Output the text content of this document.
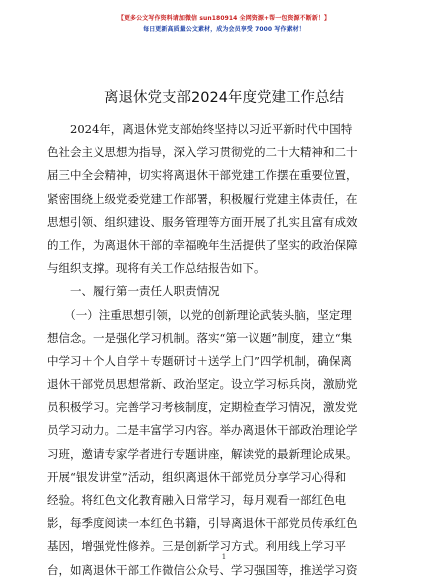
【更多公文写作资料请加微信 sun180914 全网资源+帮一包资源不断新！】
每日更新高质量公文素材，成为会员享受 7000 写作素材！
离退休党支部2024年度党建工作总结
　　2024年，离退休党支部始终坚持以习近平新时代中国特
色社会主义思想为指导，深入学习贯彻党的二十大精神和二十
届三中全会精神，切实将离退休干部党建工作摆在重要位置，
紧密围绕上级党委党建工作部署，积极履行党建主体责任，在
思想引领、组织建设、服务管理等方面开展了扎实且富有成效
的工作，为离退休干部的幸福晚年生活提供了坚实的政治保障
与组织支撑。现将有关工作总结报告如下。
　　一、履行第一责任人职责情况
　　（一）注重思想引领，以党的创新理论武装头脑，坚定理
想信念。一是强化学习机制。落实“第一议题”制度，建立“集
中学习＋个人自学＋专题研讨＋送学上门”四学机制，确保离
退休干部党员思想常新、政治坚定。设立学习标兵岗，激励党
员积极学习。完善学习考核制度，定期检查学习情况，激发党
员学习动力。二是丰富学习内容。举办离退休干部政治理论学
习班，邀请专家学者进行专题讲座，解读党的最新理论成果。
开展“银发讲堂”活动，组织离退休干部党员分享学习心得和
经验。将红色文化教育融入日常学习，每月观看一部红色电
影，每季度阅读一本红色书籍，引导离退休干部党员传承红色
基因，增强党性修养。三是创新学习方式。利用线上学习平
台，如离退休干部工作微信公众号、学习强国等，推送学习资
1
